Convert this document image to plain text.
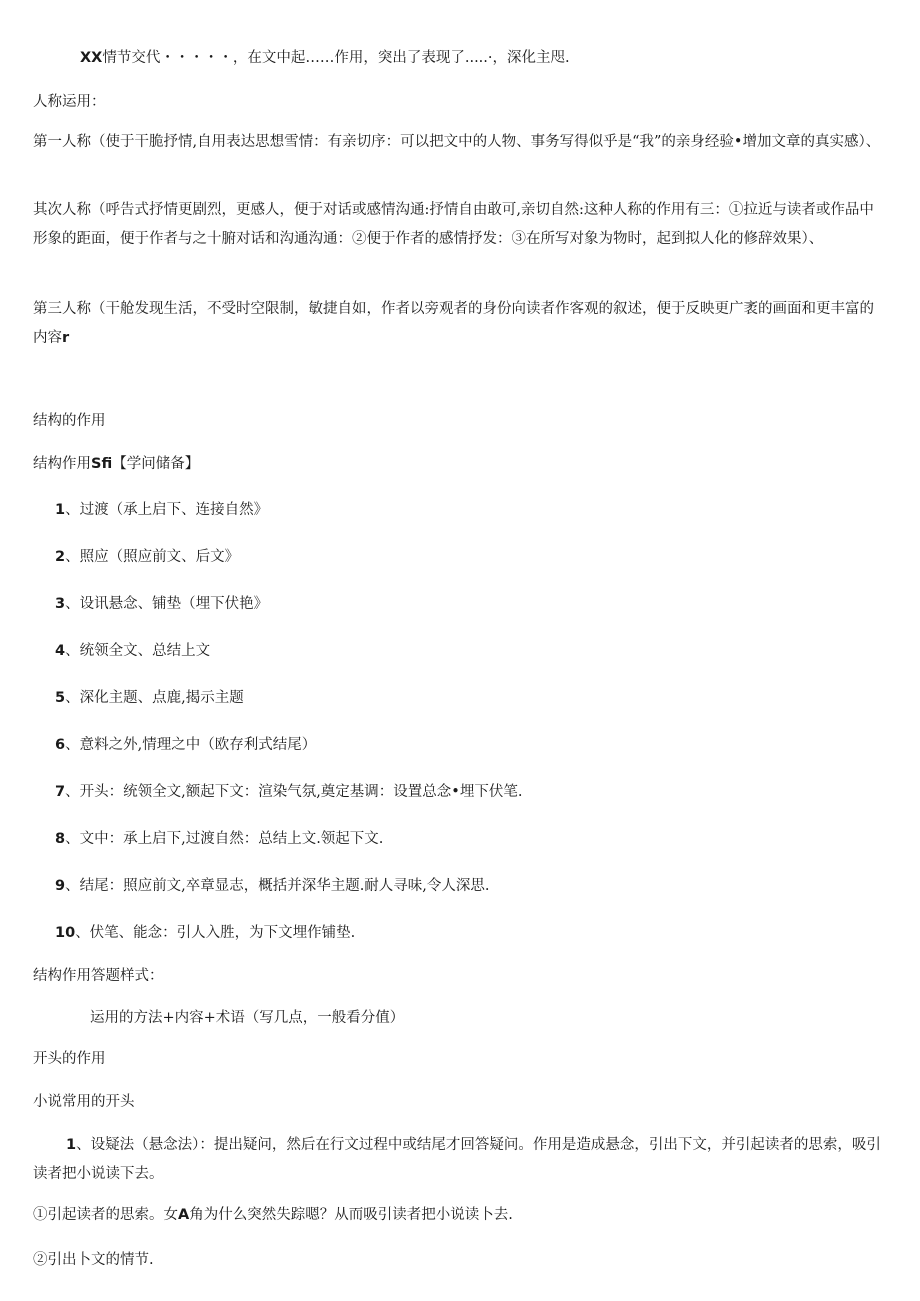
XX情节交代・・・・・，在文中起……作用，突出了表现了.....·，深化主咫.
人称运用：
第一人称（使于干脆抒情,自用表达思想雪情：有亲切序：可以把文中的人物、事务写得似乎是“我”的亲身经验•增加文章的真实感）、
其次人称（呼告式抒情更剧烈，更感人，便于对话或感情沟通:抒情自由敢可,亲切自然:这种人称的作用有三：①拉近与读者或作品中形象的距面，便于作者与之十腑对话和沟通沟通：②便于作者的感情抒发：③在所写对象为物时，起到拟人化的修辞效果）、
第三人称（干舱发现生活，不受时空限制，敏捷自如，作者以旁观者的身份向读者作客观的叙述，便于反映更广袤的画面和更丰富的内容r
结构的作用
结构作用Sfi【学问储备】
1、过渡（承上启下、连接自然》
2、照应（照应前文、后文》
3、设讯悬念、铺垫（埋下伏艳》
4、统领全文、总结上文
5、深化主题、点鹿,揭示主题
6、意料之外,情理之中（欧存利式结尾）
7、开头：统领全文,额起下文：渲染气氛,奠定基调：设置总念•埋下伏笔.
8、文中：承上启下,过渡自然：总结上文.领起下文.
9、结尾：照应前文,卒章显志，概括并深华主题.耐人寻味,令人深思.
10、伏笔、能念：引人入胜，为下文埋作铺垫.
结构作用答题样式：
运用的方法+内容+术语（写几点，一般看分值）
开头的作用
小说常用的开头
1、设疑法（悬念法）：提出疑问，然后在行文过程中或结尾才回答疑问。作用是造成悬念，引出下文，并引起读者的思索，吸引读者把小说读下去。
①引起读者的思索。女A角为什么突然失踪嗯？从而吸引读者把小说读卜去.
②引出卜文的情节.
